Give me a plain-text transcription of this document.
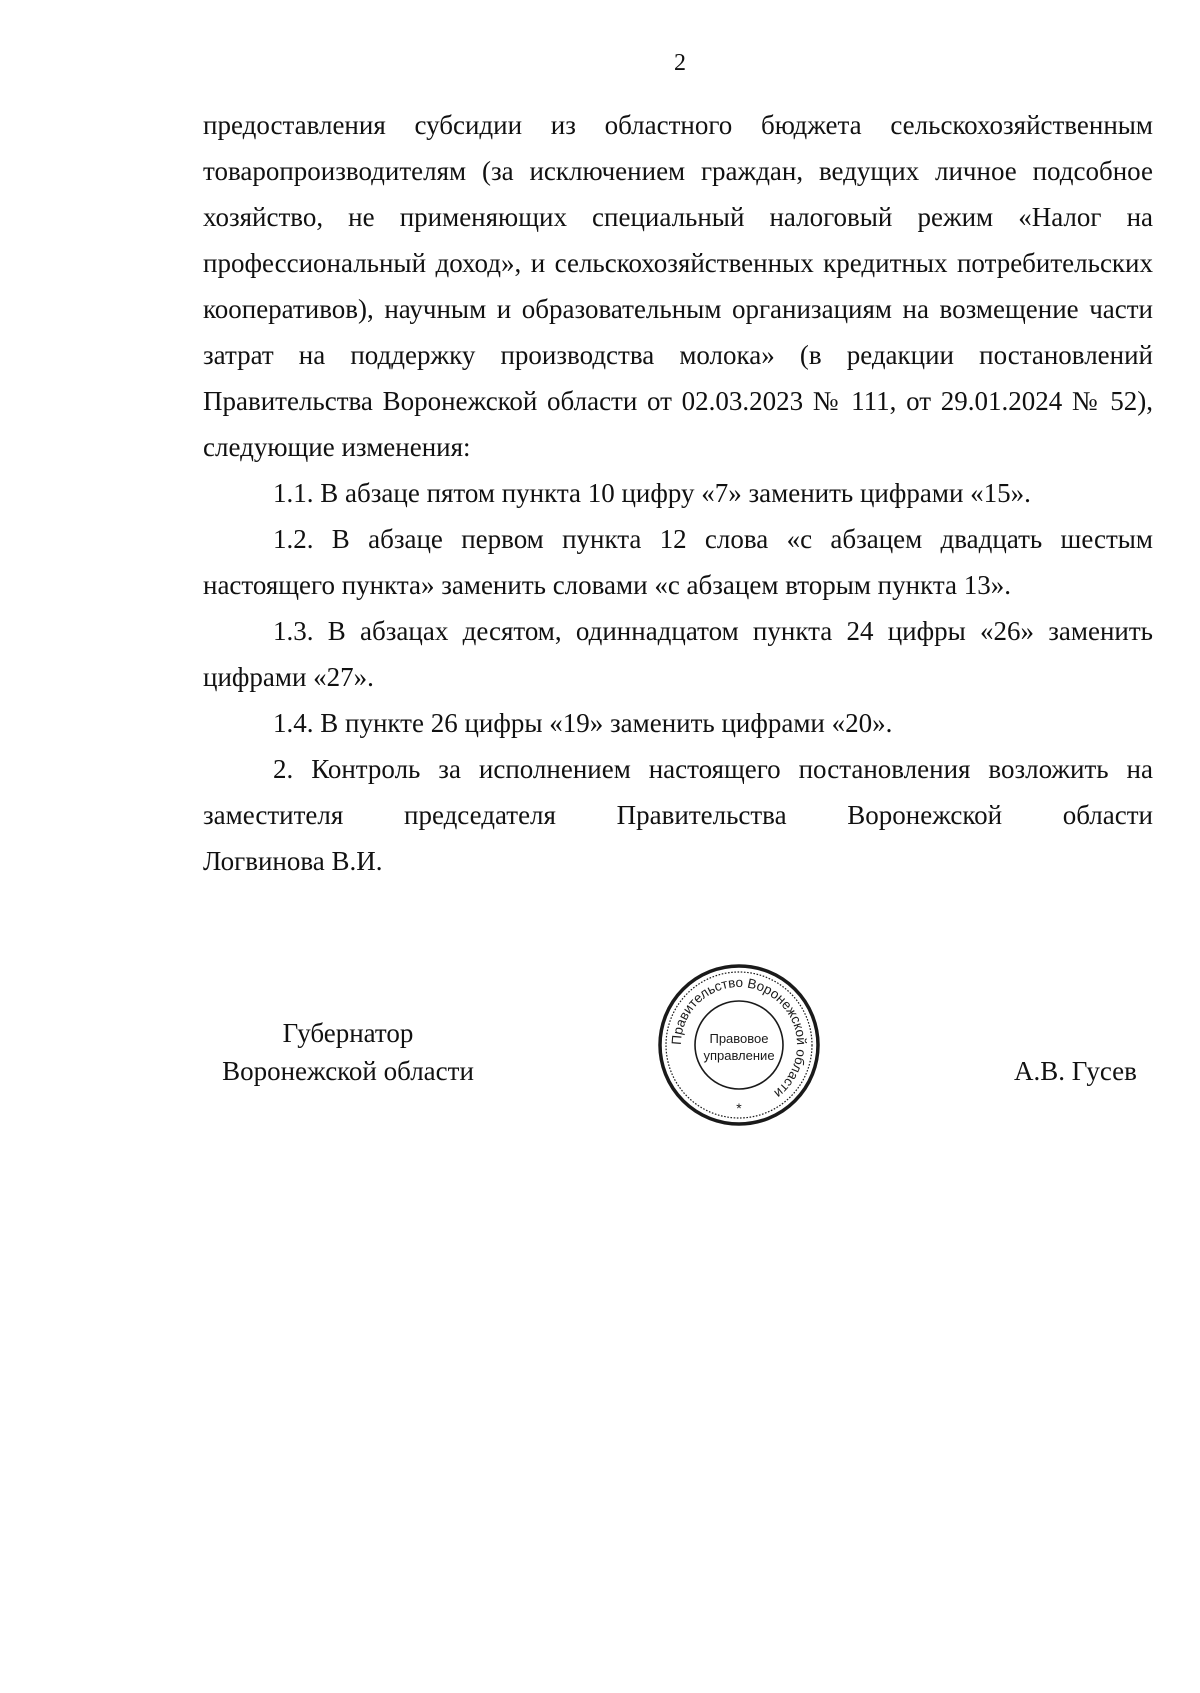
2

предоставления субсидии из областного бюджета сельскохозяйственным товаропроизводителям (за исключением граждан, ведущих личное подсобное хозяйство, не применяющих специальный налоговый режим «Налог на профессиональный доход», и сельскохозяйственных кредитных потребительских кооперативов), научным и образовательным организациям на возмещение части затрат на поддержку производства молока» (в редакции постановлений Правительства Воронежской области от 02.03.2023 № 111, от 29.01.2024 № 52), следующие изменения:

1.1. В абзаце пятом пункта 10 цифру «7» заменить цифрами «15».

1.2. В абзаце первом пункта 12 слова «с абзацем двадцать шестым настоящего пункта» заменить словами «с абзацем вторым пункта 13».

1.3. В абзацах десятом, одиннадцатом пункта 24 цифры «26» заменить цифрами «27».

1.4. В пункте 26 цифры «19» заменить цифрами «20».

2. Контроль за исполнением настоящего постановления возложить на заместителя председателя Правительства Воронежской области

Логвинова В.И.

Губернатор
Воронежской области
Правительство Воронежской области
Правовое
управление
*
А.В. Гусев
